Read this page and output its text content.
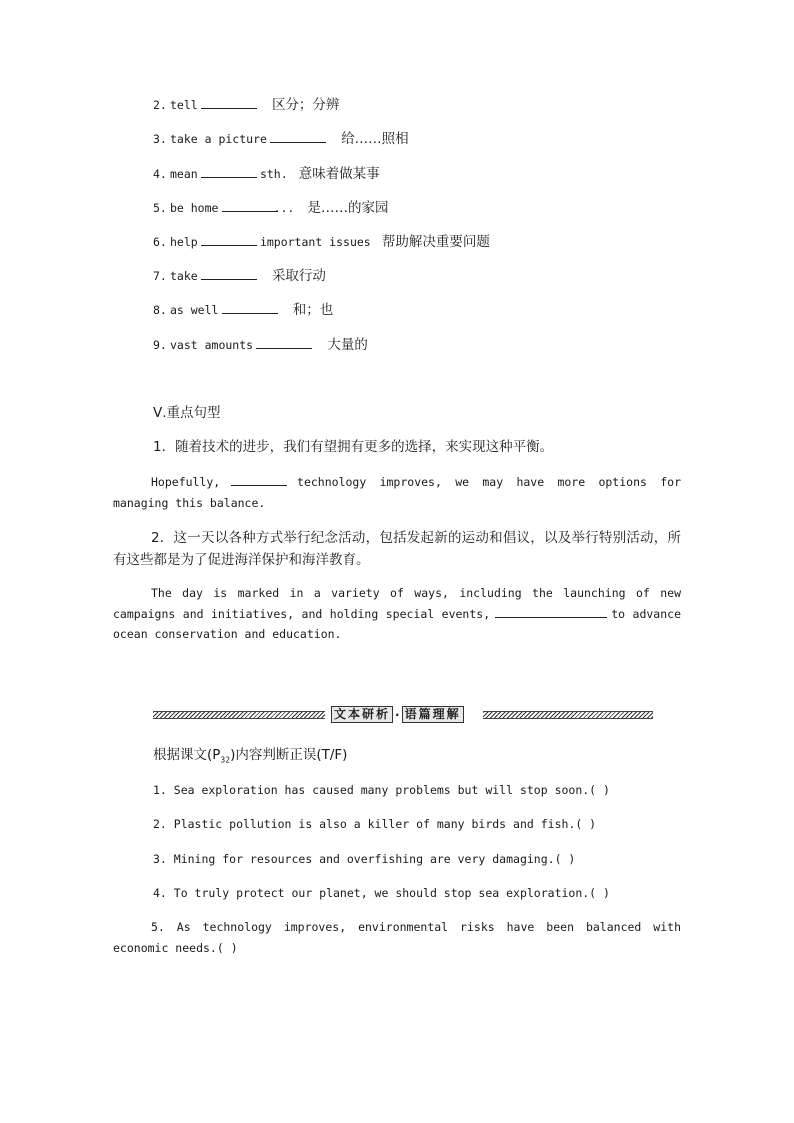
2. tell	区分；分辨
3. take a picture	给……照相
4. mean	sth. 意味着做某事
5. be home	... 是……的家园
6. help	important issues 帮助解决重要问题
7. take	采取行动
8. as well	和；也
9. vast amounts	大量的
Ⅴ.重点句型
1．随着技术的进步，我们有望拥有更多的选择，来实现这种平衡。
Hopefully,	technology improves, we may have more options for managing this balance.
2．这一天以各种方式举行纪念活动，包括发起新的运动和倡议，以及举行特别活动，所有这些都是为了促进海洋保护和海洋教育。
The day is marked in a variety of ways, including the launching of new campaigns and initiatives, and holding special events,	to advance ocean conservation and education.
文本研析 · 语篇理解
根据课文$(P_{32})$内容判断正误(T/F)
1. Sea exploration has caused many problems but will stop soon.( )
2. Plastic pollution is also a killer of many birds and fish.( )
3. Mining for resources and overfishing are very damaging.( )
4. To truly protect our planet, we should stop sea exploration.( )
5. As technology improves, environmental risks have been balanced with economic needs.( )
